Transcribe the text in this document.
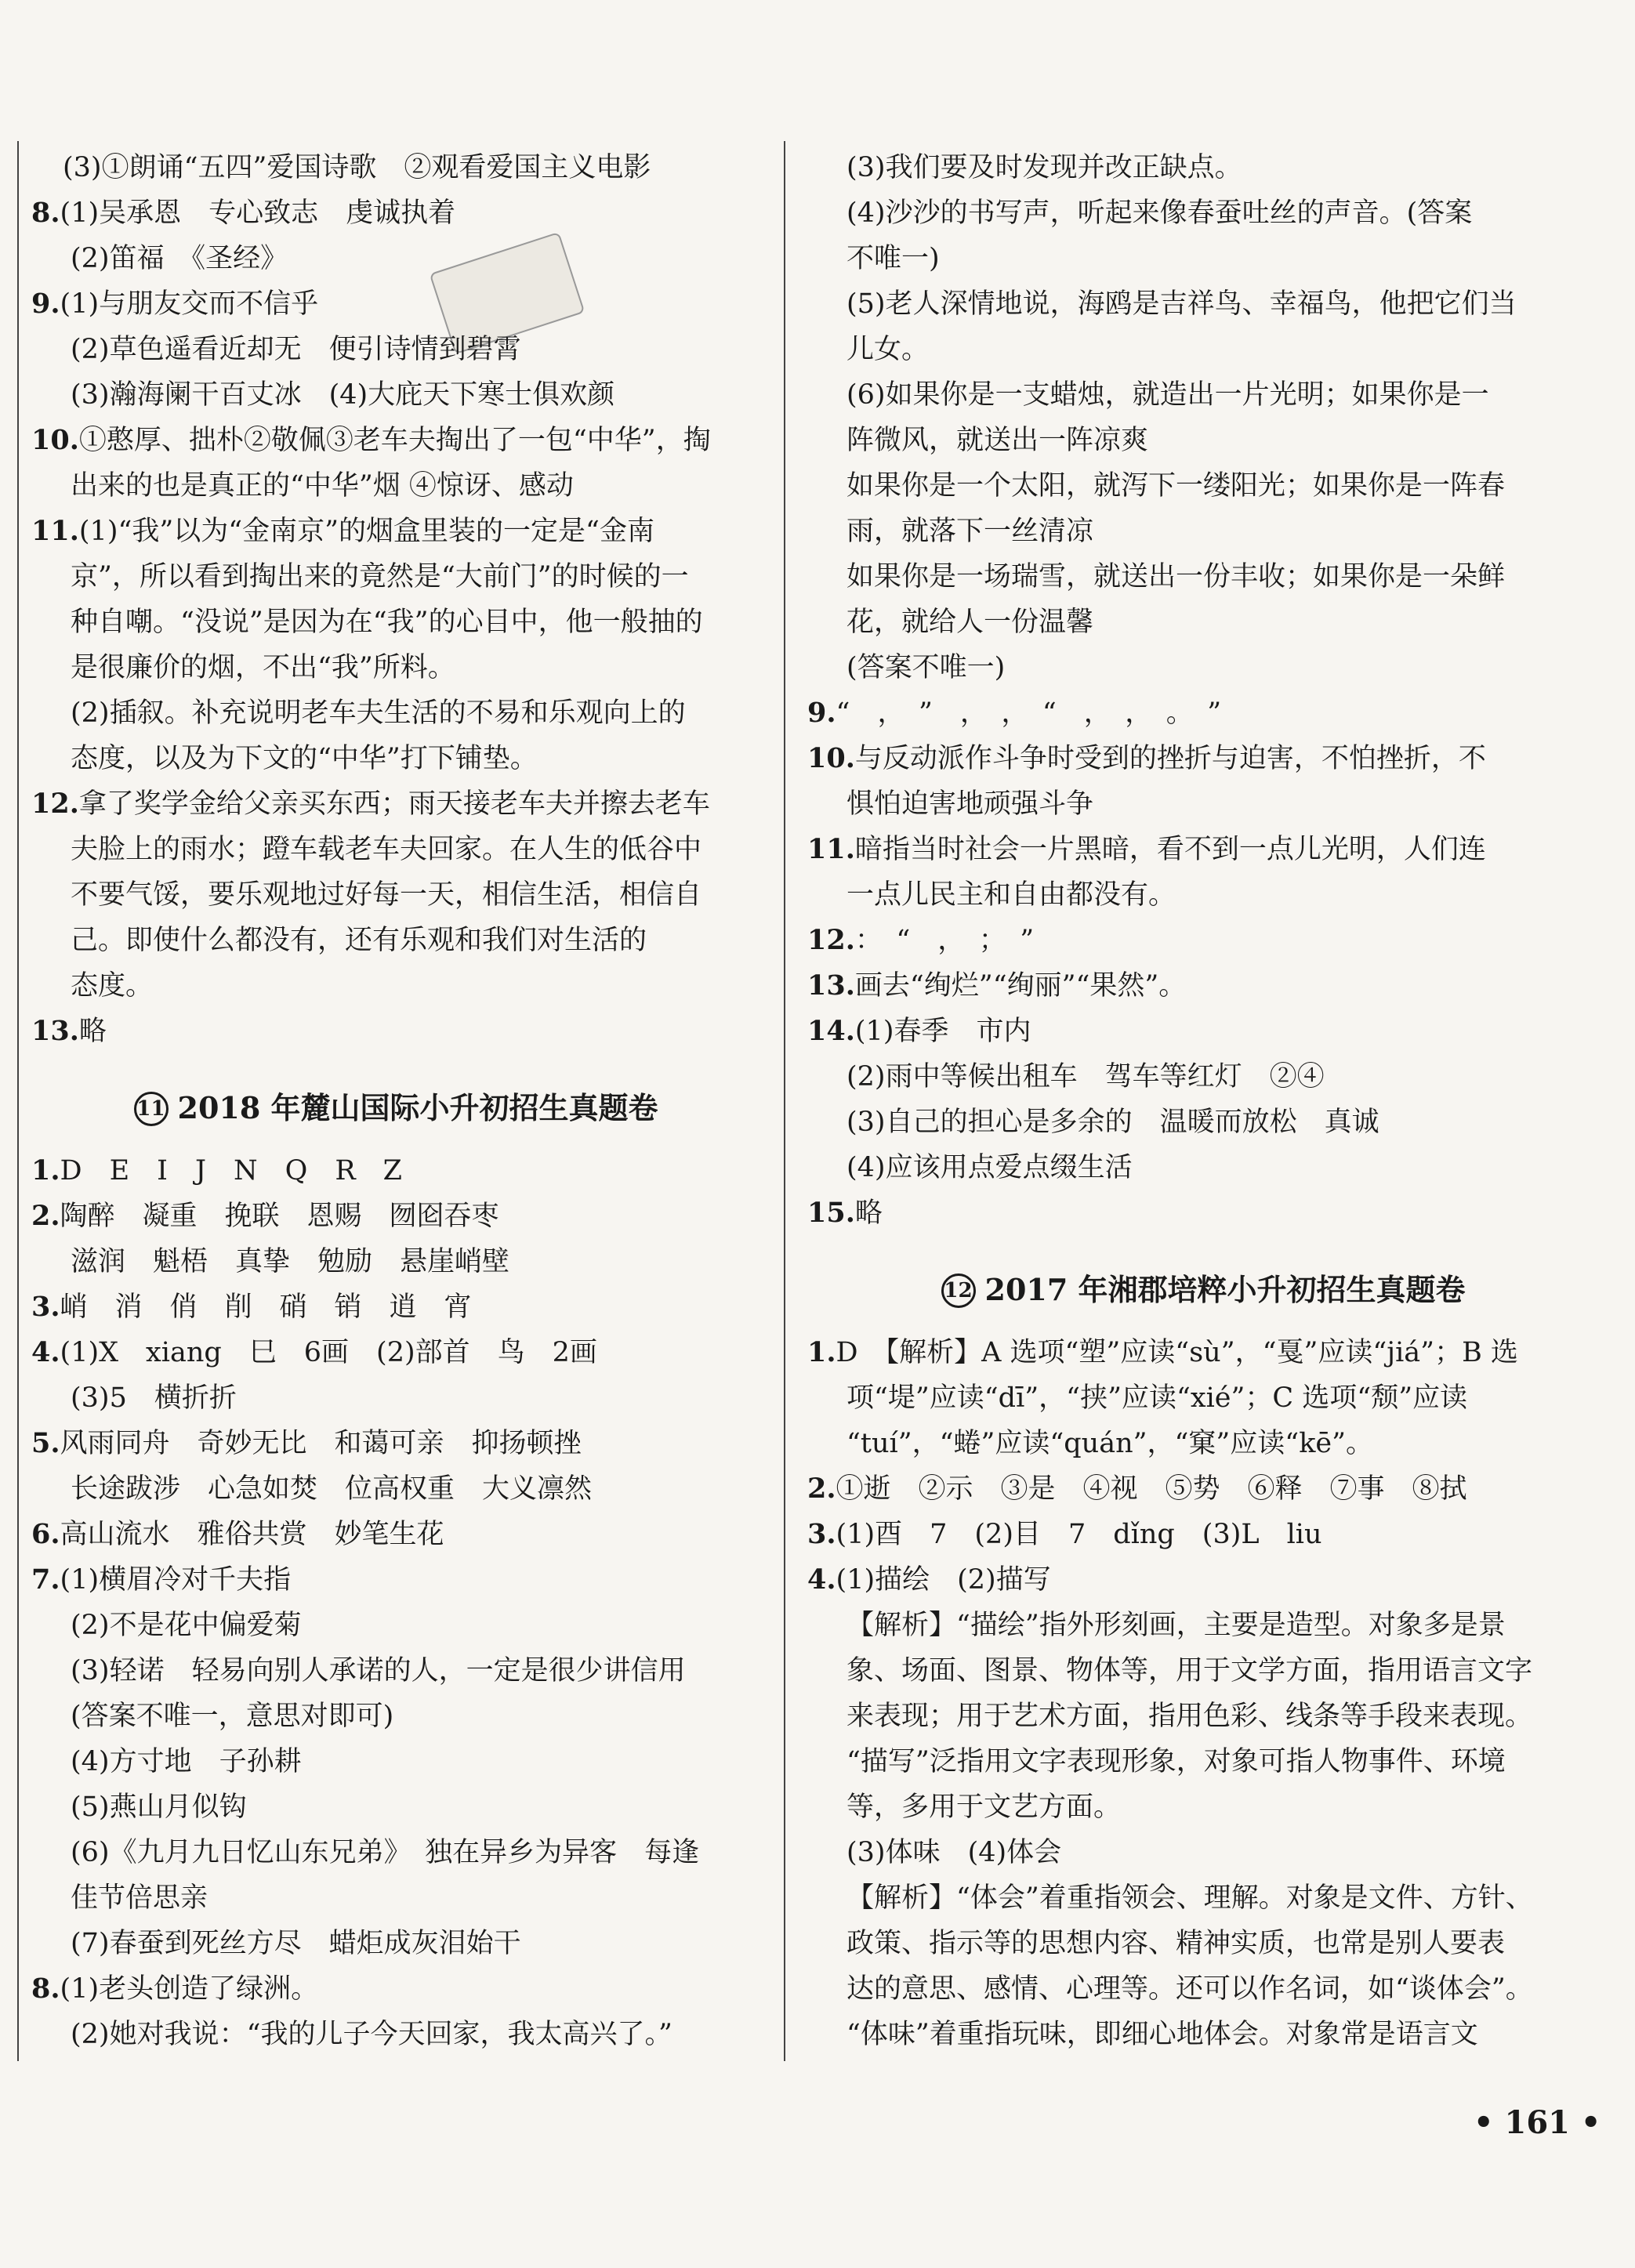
(3)①朗诵“五四”爱国诗歌　②观看爱国主义电影
8.(1)吴承恩　专心致志　虔诚执着
(2)笛福　《圣经》
9.(1)与朋友交而不信乎
(2)草色遥看近却无　便引诗情到碧霄
(3)瀚海阑干百丈冰　(4)大庇天下寒士俱欢颜
10.①憨厚、拙朴②敬佩③老车夫掏出了一包“中华”，掏
出来的也是真正的“中华”烟 ④惊讶、感动
11.(1)“我”以为“金南京”的烟盒里装的一定是“金南
京”，所以看到掏出来的竟然是“大前门”的时候的一
种自嘲。“没说”是因为在“我”的心目中，他一般抽的
是很廉价的烟，不出“我”所料。
(2)插叙。补充说明老车夫生活的不易和乐观向上的
态度，以及为下文的“中华”打下铺垫。
12.拿了奖学金给父亲买东西；雨天接老车夫并擦去老车
夫脸上的雨水；蹬车载老车夫回家。在人生的低谷中
不要气馁，要乐观地过好每一天，相信生活，相信自
己。即使什么都没有，还有乐观和我们对生活的
态度。
13.略
11 2018 年麓山国际小升初招生真题卷
1.D　E　I　J　N　Q　R　Z
2.陶醉　凝重　挽联　恩赐　囫囵吞枣
滋润　魁梧　真挚　勉励　悬崖峭壁
3.峭　消　俏　削　硝　销　逍　宵
4.(1)X　xiang　巳　6画　(2)部首　鸟　2画
(3)5　横折折
5.风雨同舟　奇妙无比　和蔼可亲　抑扬顿挫
长途跋涉　心急如焚　位高权重　大义凛然
6.高山流水　雅俗共赏　妙笔生花
7.(1)横眉冷对千夫指
(2)不是花中偏爱菊
(3)轻诺　轻易向别人承诺的人，一定是很少讲信用
(答案不唯一，意思对即可)
(4)方寸地　子孙耕
(5)燕山月似钩
(6)《九月九日忆山东兄弟》　独在异乡为异客　每逢
佳节倍思亲
(7)春蚕到死丝方尽　蜡炬成灰泪始干
8.(1)老头创造了绿洲。
(2)她对我说：“我的儿子今天回家，我太高兴了。”
(3)我们要及时发现并改正缺点。
(4)沙沙的书写声，听起来像春蚕吐丝的声音。(答案
不唯一)
(5)老人深情地说，海鸥是吉祥鸟、幸福鸟，他把它们当
儿女。
(6)如果你是一支蜡烛，就造出一片光明；如果你是一
阵微风，就送出一阵凉爽
如果你是一个太阳，就泻下一缕阳光；如果你是一阵春
雨，就落下一丝清凉
如果你是一场瑞雪，就送出一份丰收；如果你是一朵鲜
花，就给人一份温馨
(答案不唯一)
9.“　，　”　，　，　“　，　，　。　”
10.与反动派作斗争时受到的挫折与迫害，不怕挫折，不
惧怕迫害地顽强斗争
11.暗指当时社会一片黑暗，看不到一点儿光明，人们连
一点儿民主和自由都没有。
12.：　“　，　；　”
13.画去“绚烂”“绚丽”“果然”。
14.(1)春季　市内
(2)雨中等候出租车　驾车等红灯　②④
(3)自己的担心是多余的　温暖而放松　真诚
(4)应该用点爱点缀生活
15.略
12 2017 年湘郡培粹小升初招生真题卷
1.D　【解析】A 选项“塑”应读“sù”，“戛”应读“jiá”；B 选
项“堤”应读“dī”，“挟”应读“xié”；C 选项“颓”应读
“tuí”，“蜷”应读“quán”，“窠”应读“kē”。
2.①逝　②示　③是　④视　⑤势　⑥释　⑦事　⑧拭
3.(1)酉　7　(2)目　7　dǐng　(3)L　liu
4.(1)描绘　(2)描写
【解析】“描绘”指外形刻画，主要是造型。对象多是景
象、场面、图景、物体等，用于文学方面，指用语言文字
来表现；用于艺术方面，指用色彩、线条等手段来表现。
“描写”泛指用文字表现形象，对象可指人物事件、环境
等，多用于文艺方面。
(3)体味　(4)体会
【解析】“体会”着重指领会、理解。对象是文件、方针、
政策、指示等的思想内容、精神实质，也常是别人要表
达的意思、感情、心理等。还可以作名词，如“谈体会”。
“体味”着重指玩味，即细心地体会。对象常是语言文
• 161 •
